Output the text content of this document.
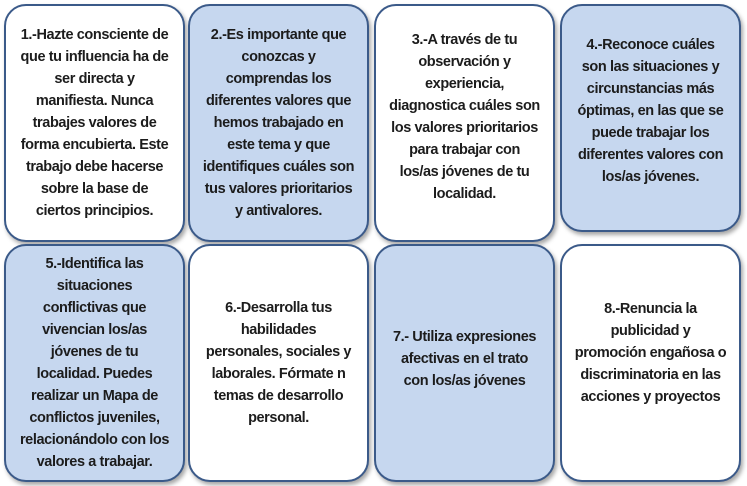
1.-Hazte consciente de que tu influencia ha de ser directa y manifiesta. Nunca trabajes valores de forma encubierta. Este trabajo debe hacerse sobre la base de ciertos principios.
2.-Es importante que conozcas y comprendas los diferentes valores que hemos trabajado en este tema y que identifiques cuáles son tus valores prioritarios y antivalores.
3.-A través de tu observación y experiencia, diagnostica cuáles son los valores prioritarios para trabajar con los/as jóvenes de tu localidad.
4.-Reconoce cuáles son las situaciones y circunstancias más óptimas, en las que se puede trabajar los diferentes valores con los/as jóvenes.
5.-Identifica las situaciones conflictivas que vivencian los/as jóvenes de tu localidad. Puedes realizar un Mapa de conflictos juveniles, relacionándolo con los valores a trabajar.
6.-Desarrolla tus habilidades personales, sociales y laborales. Fórmate n temas de desarrollo personal.
7.- Utiliza expresiones afectivas en el trato con los/as jóvenes
8.-Renuncia la publicidad y promoción engañosa o discriminatoria en las acciones y proyectos
